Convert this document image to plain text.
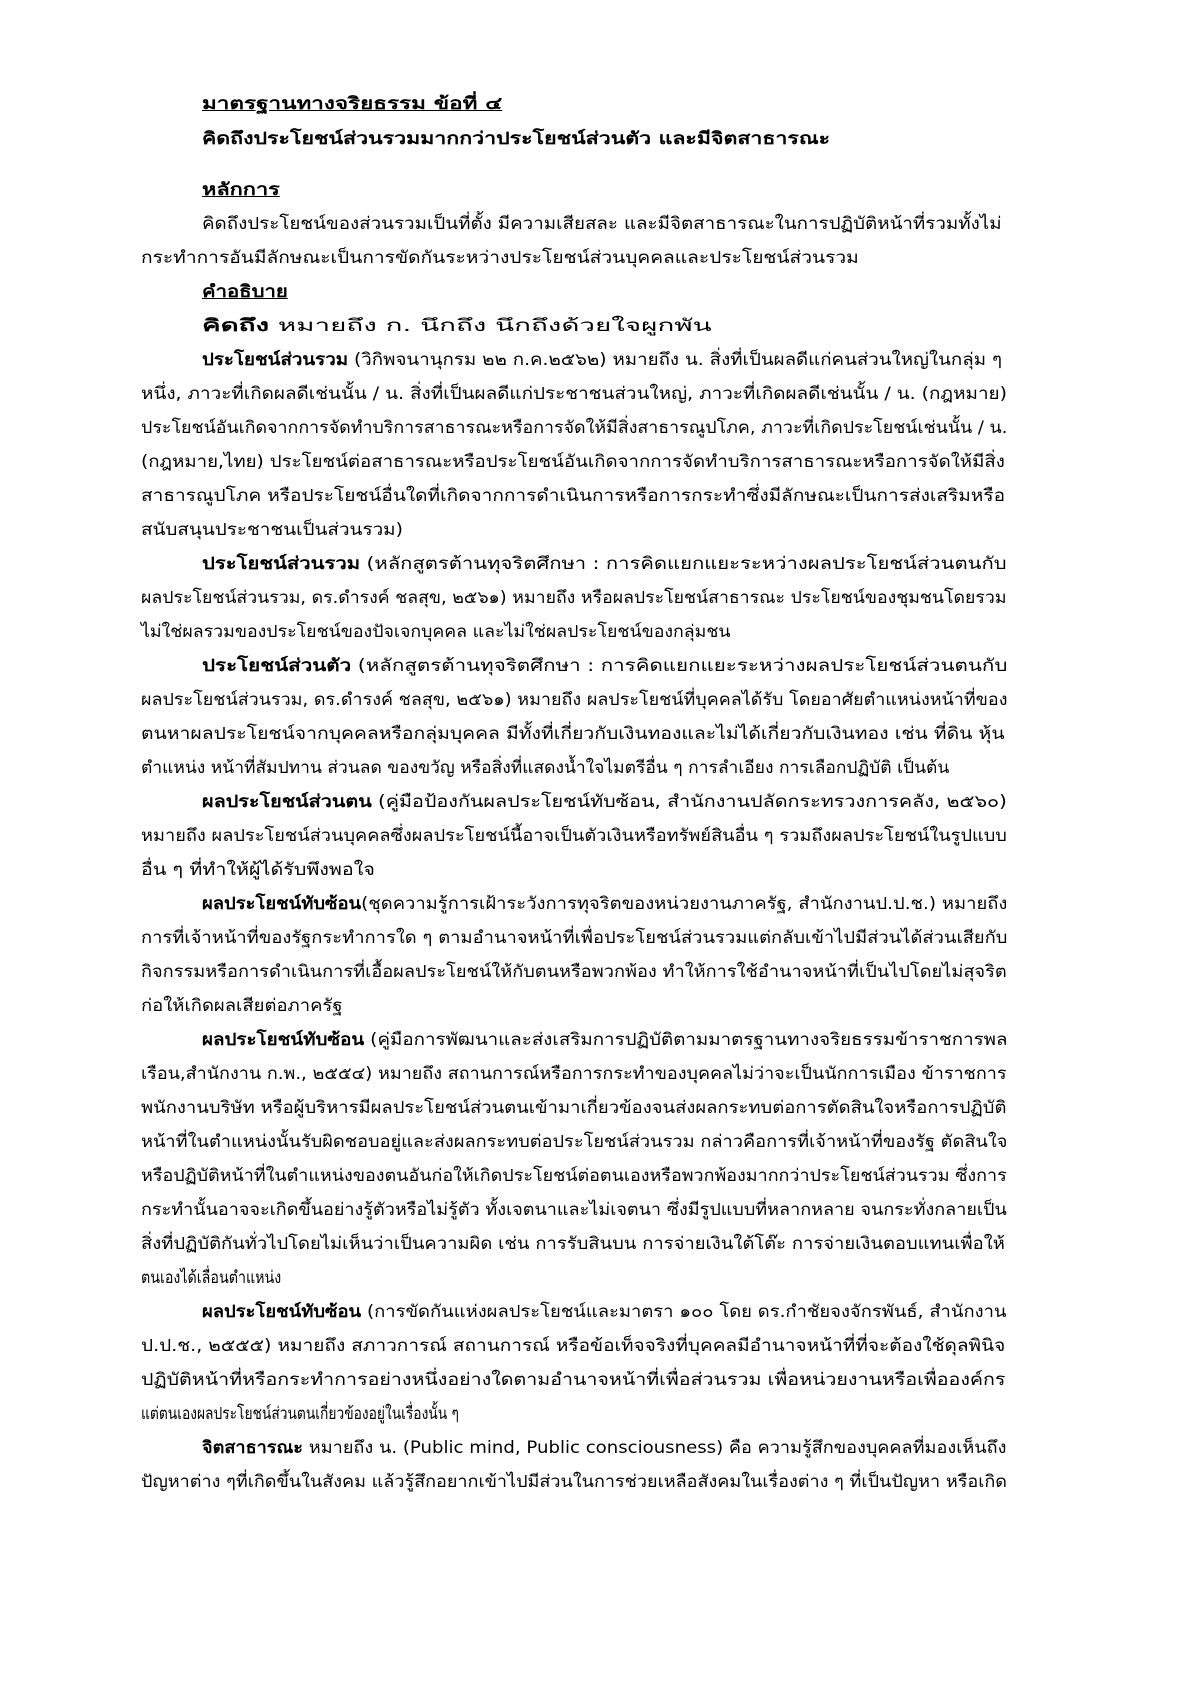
มาตรฐานทางจริยธรรม ข้อที่ ๔
คิดถึงประโยชน์ส่วนรวมมากกว่าประโยชน์ส่วนตัว และมีจิตสาธารณะ
หลักการ
คิดถึงประโยชน์ของส่วนรวมเป็นที่ตั้ง มีความเสียสละ และมีจิตสาธารณะในการปฏิบัติหน้าที่รวมทั้งไม่
กระทำการอันมีลักษณะเป็นการขัดกันระหว่างประโยชน์ส่วนบุคคลและประโยชน์ส่วนรวม
คำอธิบาย
คิดถึง หมายถึง ก. นึกถึง นึกถึงด้วยใจผูกพัน
ประโยชน์ส่วนรวม (วิกิพจนานุกรม ๒๒ ก.ค.๒๕๖๒) หมายถึง น. สิ่งที่เป็นผลดีแก่คนส่วนใหญ่ในกลุ่ม ๆ
หนึ่ง, ภาวะที่เกิดผลดีเช่นนั้น / น. สิ่งที่เป็นผลดีแก่ประชาชนส่วนใหญ่, ภาวะที่เกิดผลดีเช่นนั้น / น. (กฎหมาย)
ประโยชน์อันเกิดจากการจัดทำบริการสาธารณะหรือการจัดให้มีสิ่งสาธารณูปโภค, ภาวะที่เกิดประโยชน์เช่นนั้น / น.
(กฎหมาย,ไทย) ประโยชน์ต่อสาธารณะหรือประโยชน์อันเกิดจากการจัดทำบริการสาธารณะหรือการจัดให้มีสิ่ง
สาธารณูปโภค หรือประโยชน์อื่นใดที่เกิดจากการดำเนินการหรือการกระทำซึ่งมีลักษณะเป็นการส่งเสริมหรือ
สนับสนุนประชาชนเป็นส่วนรวม)
ประโยชน์ส่วนรวม (หลักสูตรต้านทุจริตศึกษา : การคิดแยกแยะระหว่างผลประโยชน์ส่วนตนกับ
ผลประโยชน์ส่วนรวม, ดร.ดำรงค์ ชลสุข, ๒๕๖๑) หมายถึง หรือผลประโยชน์สาธารณะ ประโยชน์ของชุมชนโดยรวม
ไม่ใช่ผลรวมของประโยชน์ของปัจเจกบุคคล และไม่ใช่ผลประโยชน์ของกลุ่มชน
ประโยชน์ส่วนตัว (หลักสูตรต้านทุจริตศึกษา : การคิดแยกแยะระหว่างผลประโยชน์ส่วนตนกับ
ผลประโยชน์ส่วนรวม, ดร.ดำรงค์ ชลสุข, ๒๕๖๑) หมายถึง ผลประโยชน์ที่บุคคลได้รับ โดยอาศัยตำแหน่งหน้าที่ของ
ตนหาผลประโยชน์จากบุคคลหรือกลุ่มบุคคล มีทั้งที่เกี่ยวกับเงินทองและไม่ได้เกี่ยวกับเงินทอง เช่น ที่ดิน หุ้น
ตำแหน่ง หน้าที่สัมปทาน ส่วนลด ของขวัญ หรือสิ่งที่แสดงน้ำใจไมตรีอื่น ๆ การลำเอียง การเลือกปฏิบัติ เป็นต้น
ผลประโยชน์ส่วนตน (คู่มือป้องกันผลประโยชน์ทับซ้อน, สำนักงานปลัดกระทรวงการคลัง, ๒๕๖๐)
หมายถึง ผลประโยชน์ส่วนบุคคลซึ่งผลประโยชน์นี้อาจเป็นตัวเงินหรือทรัพย์สินอื่น ๆ รวมถึงผลประโยชน์ในรูปแบบ
อื่น ๆ ที่ทำให้ผู้ได้รับพึงพอใจ
ผลประโยชน์ทับซ้อน(ชุดความรู้การเฝ้าระวังการทุจริตของหน่วยงานภาครัฐ, สำนักงานป.ป.ช.) หมายถึง
การที่เจ้าหน้าที่ของรัฐกระทำการใด ๆ ตามอำนาจหน้าที่เพื่อประโยชน์ส่วนรวมแต่กลับเข้าไปมีส่วนได้ส่วนเสียกับ
กิจกรรมหรือการดำเนินการที่เอื้อผลประโยชน์ให้กับตนหรือพวกพ้อง ทำให้การใช้อำนาจหน้าที่เป็นไปโดยไม่สุจริต
ก่อให้เกิดผลเสียต่อภาครัฐ
ผลประโยชน์ทับซ้อน (คู่มือการพัฒนาและส่งเสริมการปฏิบัติตามมาตรฐานทางจริยธรรมข้าราชการพล
เรือน,สำนักงาน ก.พ., ๒๕๕๔) หมายถึง สถานการณ์หรือการกระทำของบุคคลไม่ว่าจะเป็นนักการเมือง ข้าราชการ
พนักงานบริษัท หรือผู้บริหารมีผลประโยชน์ส่วนตนเข้ามาเกี่ยวข้องจนส่งผลกระทบต่อการตัดสินใจหรือการปฏิบัติ
หน้าที่ในตำแหน่งนั้นรับผิดชอบอยู่และส่งผลกระทบต่อประโยชน์ส่วนรวม กล่าวคือการที่เจ้าหน้าที่ของรัฐ ตัดสินใจ
หรือปฏิบัติหน้าที่ในตำแหน่งของตนอันก่อให้เกิดประโยชน์ต่อตนเองหรือพวกพ้องมากกว่าประโยชน์ส่วนรวม ซึ่งการ
กระทำนั้นอาจจะเกิดขึ้นอย่างรู้ตัวหรือไม่รู้ตัว ทั้งเจตนาและไม่เจตนา ซึ่งมีรูปแบบที่หลากหลาย จนกระทั่งกลายเป็น
สิ่งที่ปฏิบัติกันทั่วไปโดยไม่เห็นว่าเป็นความผิด เช่น การรับสินบน การจ่ายเงินใต้โต๊ะ การจ่ายเงินตอบแทนเพื่อให้
ตนเองได้เลื่อนตำแหน่ง
ผลประโยชน์ทับซ้อน (การขัดกันแห่งผลประโยชน์และมาตรา ๑๐๐ โดย ดร.กำชัยจงจักรพันธ์, สำนักงาน
ป.ป.ช., ๒๕๕๕) หมายถึง สภาวการณ์ สถานการณ์ หรือข้อเท็จจริงที่บุคคลมีอำนาจหน้าที่ที่จะต้องใช้ดุลพินิจ
ปฏิบัติหน้าที่หรือกระทำการอย่างหนึ่งอย่างใดตามอำนาจหน้าที่เพื่อส่วนรวม เพื่อหน่วยงานหรือเพื่อองค์กร
แต่ตนเองผลประโยชน์ส่วนตนเกี่ยวข้องอยู่ในเรื่องนั้น ๆ
จิตสาธารณะ หมายถึง น. (Public mind, Public consciousness) คือ ความรู้สึกของบุคคลที่มองเห็นถึง
ปัญหาต่าง ๆที่เกิดขึ้นในสังคม แล้วรู้สึกอยากเข้าไปมีส่วนในการช่วยเหลือสังคมในเรื่องต่าง ๆ ที่เป็นปัญหา หรือเกิด
